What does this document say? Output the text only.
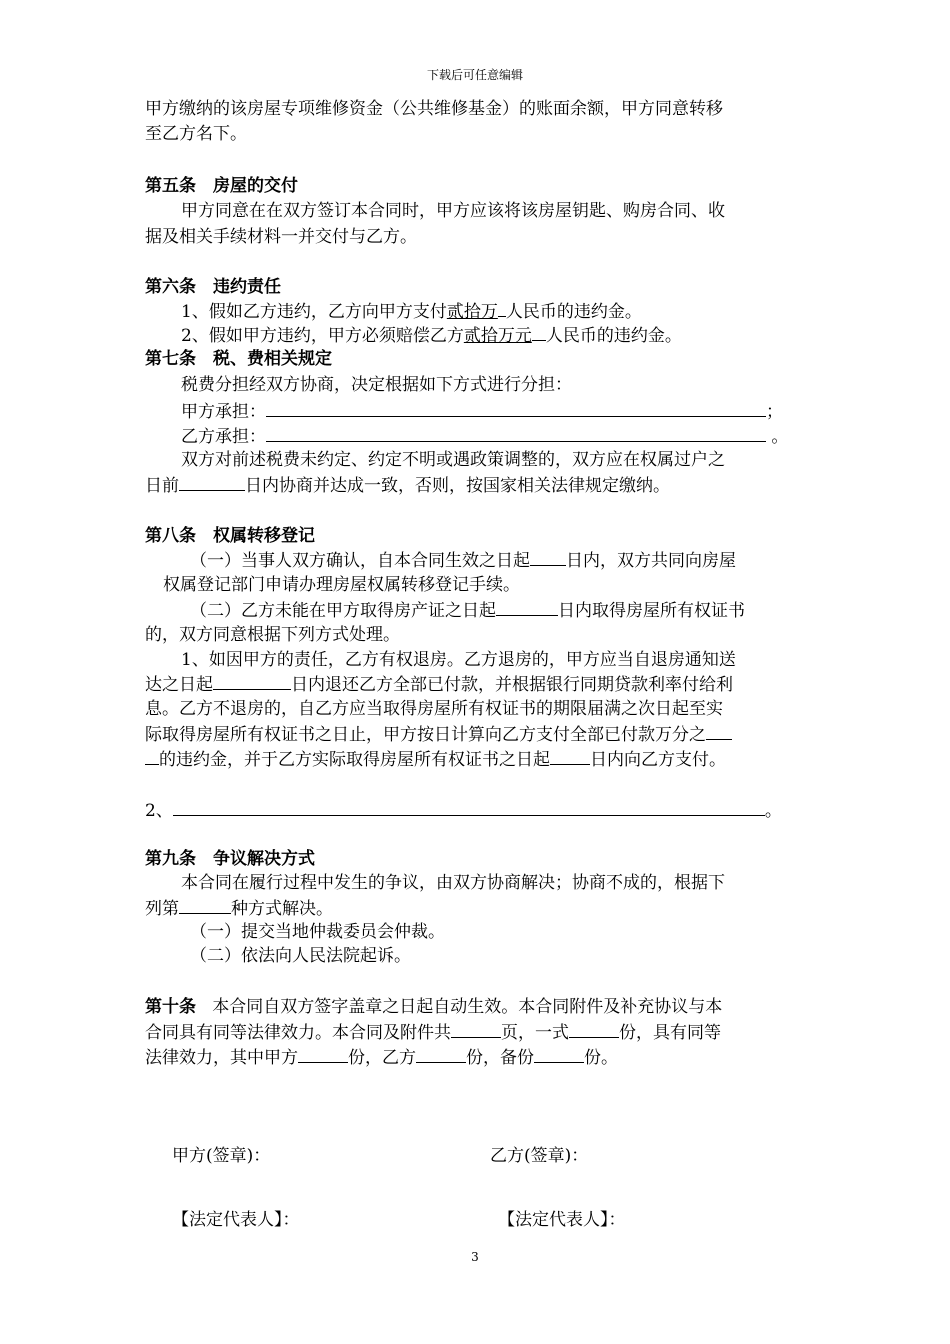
下载后可任意编辑
甲方缴纳的该房屋专项维修资金（公共维修基金）的账面余额，甲方同意转移
至乙方名下。
第五条　房屋的交付
甲方同意在在双方签订本合同时，甲方应该将该房屋钥匙、购房合同、收
据及相关手续材料一并交付与乙方。
第六条　违约责任
1、假如乙方违约，乙方向甲方支付贰拾万 人民币的违约金。
2、假如甲方违约，甲方必须赔偿乙方贰拾万元 人民币的违约金。
第七条　税、费相关规定
税费分担经双方协商，决定根据如下方式进行分担：
甲方承担：	；
乙方承担：	。
双方对前述税费未约定、约定不明或遇政策调整的，双方应在权属过户之
日前	日内协商并达成一致，否则，按国家相关法律规定缴纳。
第八条　权属转移登记
（一）当事人双方确认，自本合同生效之日起 日内，双方共同向房屋
权属登记部门申请办理房屋权属转移登记手续。
（二）乙方未能在甲方取得房产证之日起	日内取得房屋所有权证书
的，双方同意根据下列方式处理。
1、如因甲方的责任，乙方有权退房。乙方退房的，甲方应当自退房通知送
达之日起	日内退还乙方全部已付款，并根据银行同期贷款利率付给利
息。乙方不退房的，自乙方应当取得房屋所有权证书的期限届满之次日起至实
际取得房屋所有权证书之日止，甲方按日计算向乙方支付全部已付款万分之
的违约金，并于乙方实际取得房屋所有权证书之日起 日内向乙方支付。
2、	。
第九条　争议解决方式
本合同在履行过程中发生的争议，由双方协商解决；协商不成的，根据下
列第	种方式解决。
（一）提交当地仲裁委员会仲裁。
（二）依法向人民法院起诉。
第十条 本合同自双方签字盖章之日起自动生效。本合同附件及补充协议与本
合同具有同等法律效力。本合同及附件共	页，一式	份，具有同等
法律效力，其中甲方	份，乙方	份，备份	份。
甲方(签章)：	乙方(签章)：
【法定代表人】：	【法定代表人】：
3
